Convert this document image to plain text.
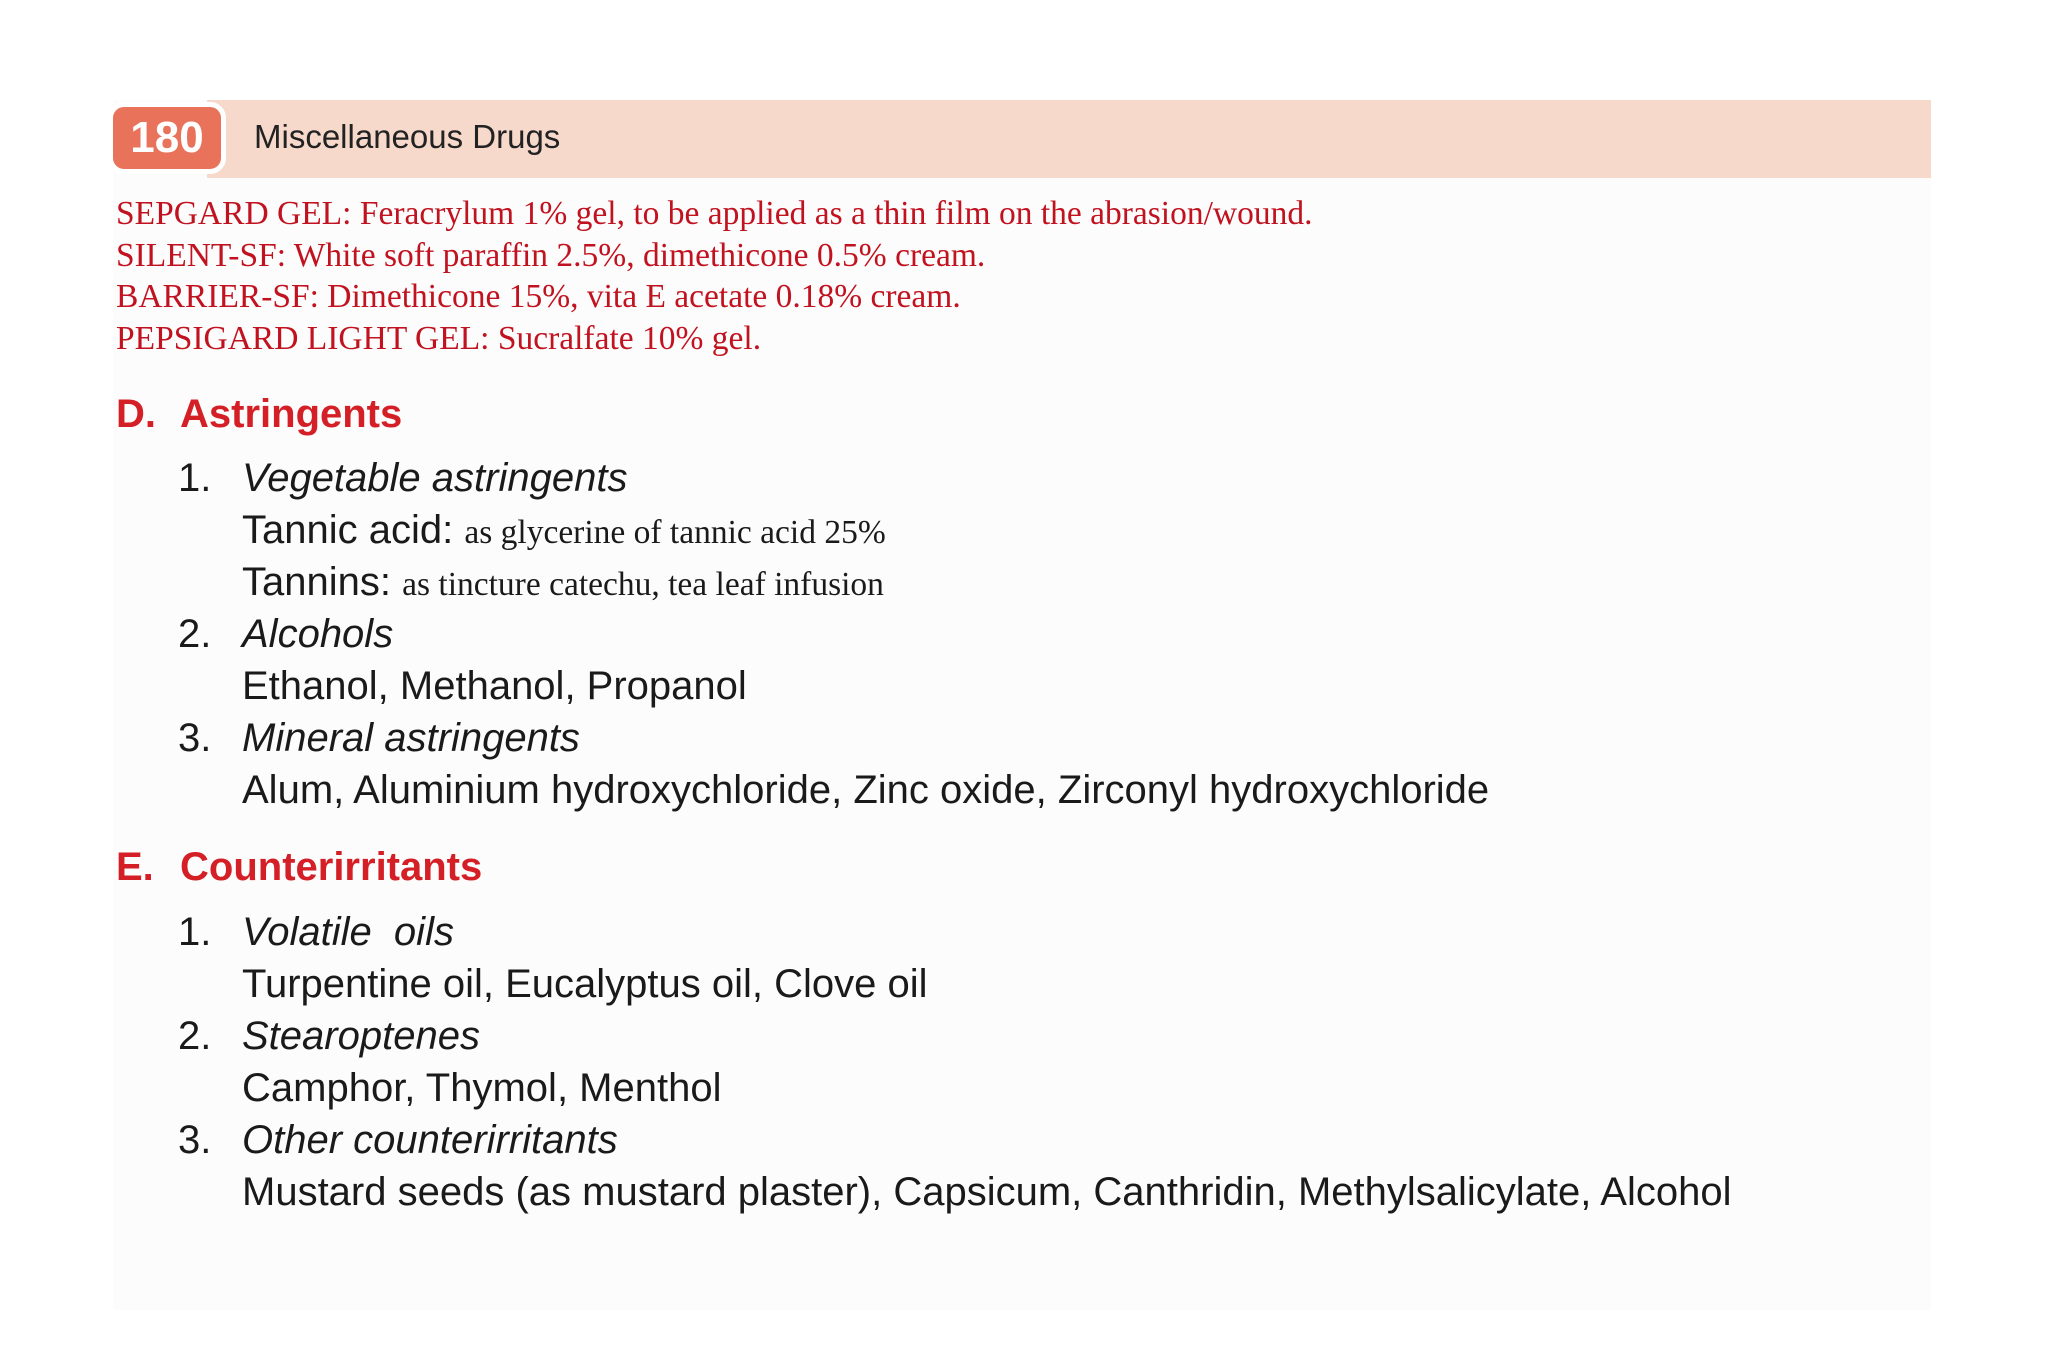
180	Miscellaneous Drugs
SEPGARD GEL: Feracrylum 1% gel, to be applied as a thin film on the abrasion/wound.
SILENT-SF: White soft paraffin 2.5%, dimethicone 0.5% cream.
BARRIER-SF: Dimethicone 15%, vita E acetate 0.18% cream.
PEPSIGARD LIGHT GEL: Sucralfate 10% gel.
D. Astringents
1. Vegetable astringents
Tannic acid: as glycerine of tannic acid 25%
Tannins: as tincture catechu, tea leaf infusion
2. Alcohols
Ethanol, Methanol, Propanol
3. Mineral astringents
Alum, Aluminium hydroxychloride, Zinc oxide, Zirconyl hydroxychloride
E. Counterirritants
1. Volatile  oils
Turpentine oil, Eucalyptus oil, Clove oil
2. Stearoptenes
Camphor, Thymol, Menthol
3. Other counterirritants
Mustard seeds (as mustard plaster), Capsicum, Canthridin, Methylsalicylate, Alcohol
